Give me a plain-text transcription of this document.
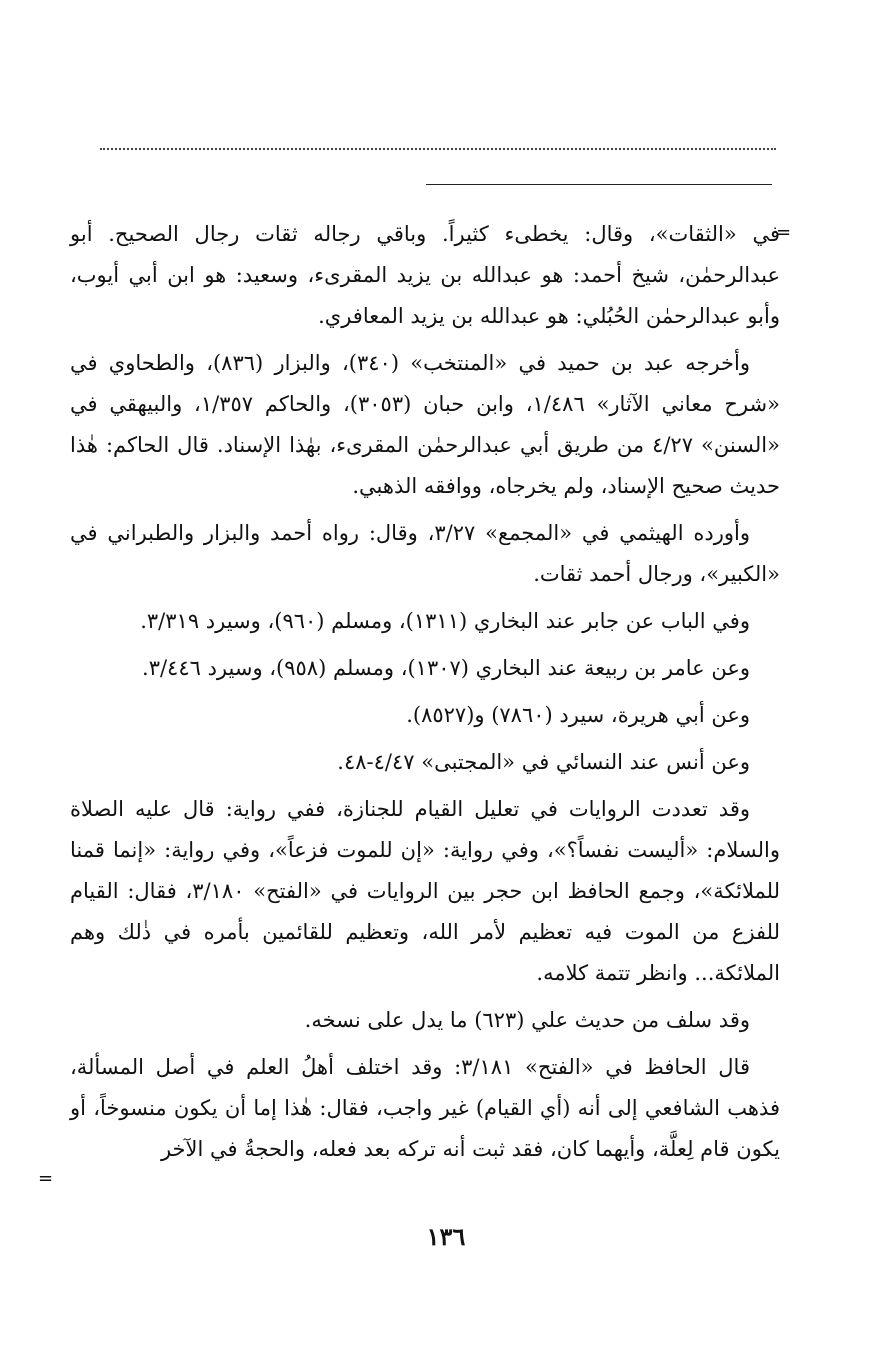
=

في «الثقات»، وقال: يخطىء كثيراً. وباقي رجاله ثقات رجال الصحيح. أبو عبدالرحمٰن، شيخ أحمد: هو عبدالله بن يزيد المقرىء، وسعيد: هو ابن أبي أيوب، وأبو عبدالرحمٰن الحُبُلي: هو عبدالله بن يزيد المعافري.

وأخرجه عبد بن حميد في «المنتخب» (٣٤٠)، والبزار (٨٣٦)، والطحاوي في «شرح معاني الآثار» ١/٤٨٦، وابن حبان (٣٠٥٣)، والحاكم ١/٣٥٧، والبيهقي في «السنن» ٤/٢٧ من طريق أبي عبدالرحمٰن المقرىء، بهٰذا الإسناد. قال الحاكم: هٰذا حديث صحيح الإسناد، ولم يخرجاه، ووافقه الذهبي.

وأورده الهيثمي في «المجمع» ٣/٢٧، وقال: رواه أحمد والبزار والطبراني في «الكبير»، ورجال أحمد ثقات.

وفي الباب عن جابر عند البخاري (١٣١١)، ومسلم (٩٦٠)، وسيرد ٣/٣١٩.

وعن عامر بن ربيعة عند البخاري (١٣٠٧)، ومسلم (٩٥٨)، وسيرد ٣/٤٤٦.

وعن أبي هريرة، سيرد (٧٨٦٠) و(٨٥٢٧).

وعن أنس عند النسائي في «المجتبى» ٤/٤٧-٤٨.

وقد تعددت الروايات في تعليل القيام للجنازة، ففي رواية: قال عليه الصلاة والسلام: «أليست نفساً؟»، وفي رواية: «إن للموت فزعاً»، وفي رواية: «إنما قمنا للملائكة»، وجمع الحافظ ابن حجر بين الروايات في «الفتح» ٣/١٨٠، فقال: القيام للفزع من الموت فيه تعظيم لأمر الله، وتعظيم للقائمين بأمره في ذٰلك وهم الملائكة... وانظر تتمة كلامه.

وقد سلف من حديث علي (٦٢٣) ما يدل على نسخه.

قال الحافظ في «الفتح» ٣/١٨١: وقد اختلف أهلُ العلم في أصل المسألة، فذهب الشافعي إلى أنه (أي القيام) غير واجب، فقال: هٰذا إما أن يكون منسوخاً، أو يكون قام لِعلَّة، وأيهما كان، فقد ثبت أنه تركه بعد فعله، والحجةُ في الآخر

=
١٣٦
